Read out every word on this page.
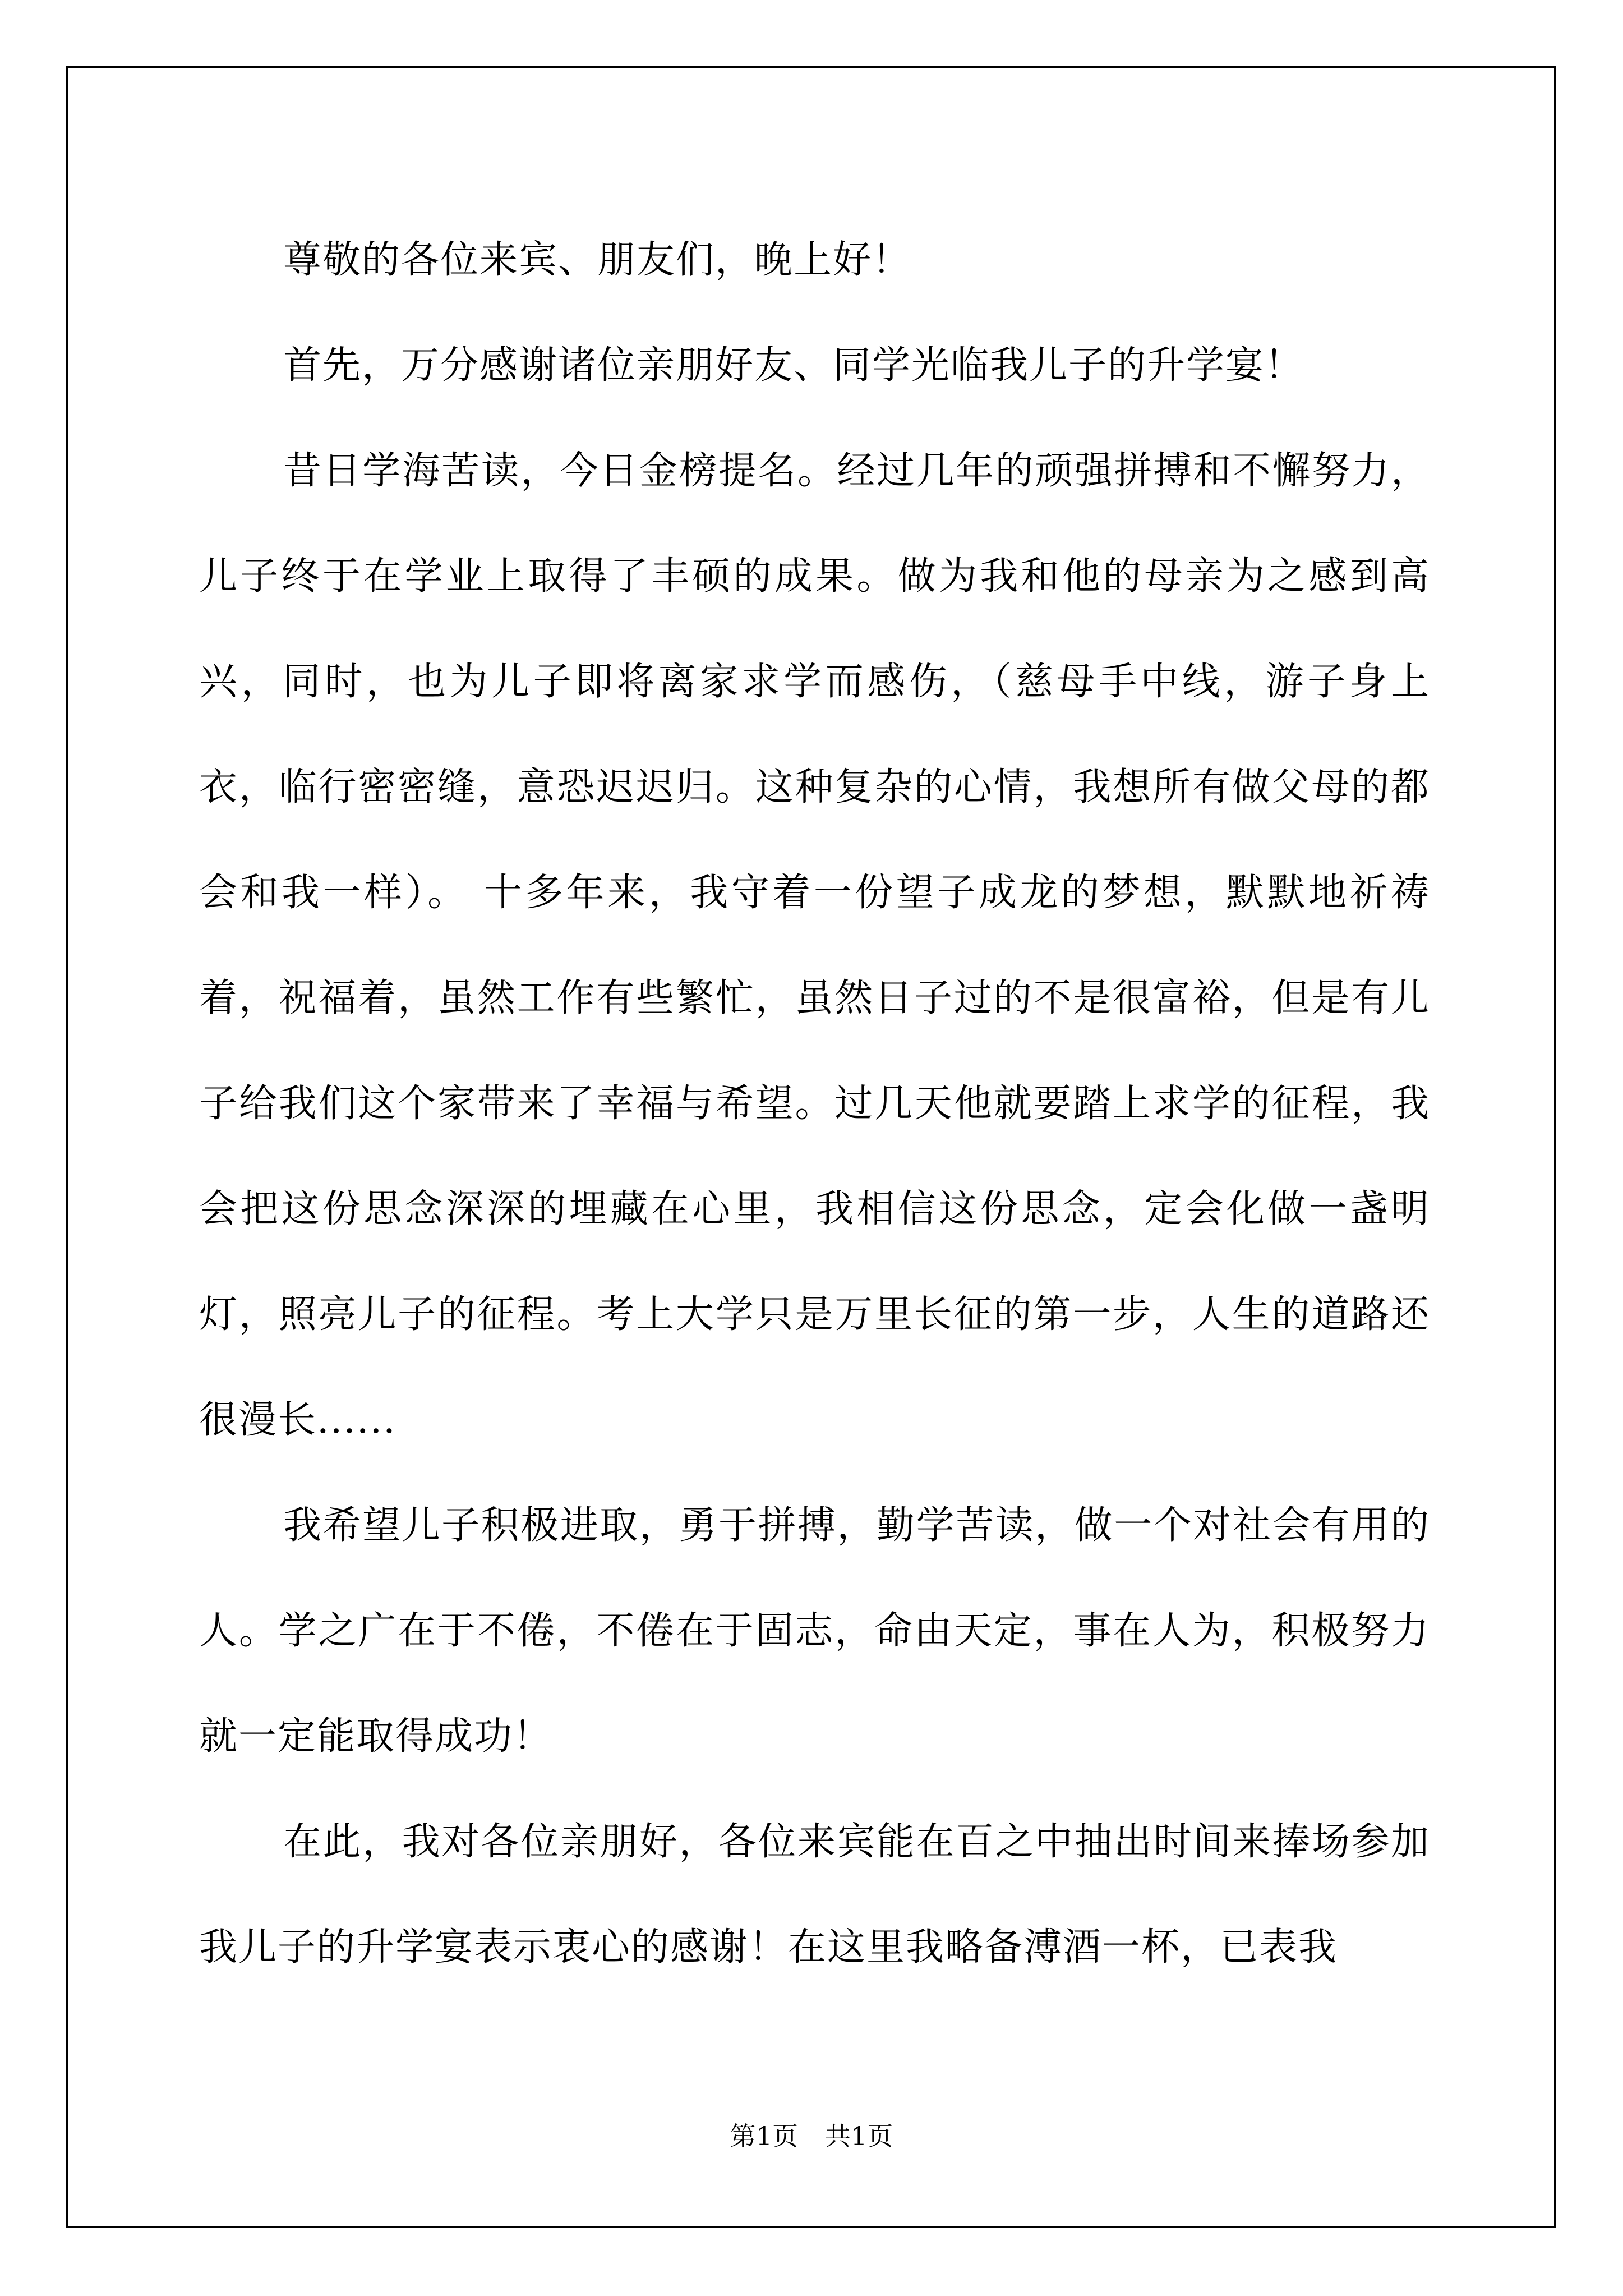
尊敬的各位来宾、朋友们，晚上好！

首先，万分感谢诸位亲朋好友、同学光临我儿子的升学宴！

昔日学海苦读，今日金榜提名。经过几年的顽强拼搏和不懈努力，儿子终于在学业上取得了丰硕的成果。做为我和他的母亲为之感到高兴，同时，也为儿子即将离家求学而感伤，（慈母手中线，游子身上衣，临行密密缝，意恐迟迟归。这种复杂的心情，我想所有做父母的都会和我一样）。 十多年来，我守着一份望子成龙的梦想，默默地祈祷着，祝福着，虽然工作有些繁忙，虽然日子过的不是很富裕，但是有儿子给我们这个家带来了幸福与希望。过几天他就要踏上求学的征程，我会把这份思念深深的埋藏在心里，我相信这份思念，定会化做一盏明灯，照亮儿子的征程。考上大学只是万里长征的第一步，人生的道路还很漫长......

我希望儿子积极进取，勇于拼搏，勤学苦读，做一个对社会有用的人。学之广在于不倦，不倦在于固志，命由天定，事在人为，积极努力就一定能取得成功！

在此，我对各位亲朋好，各位来宾能在百之中抽出时间来捧场参加我儿子的升学宴表示衷心的感谢！在这里我略备溥酒一杯，已表我

第1页 共1页
